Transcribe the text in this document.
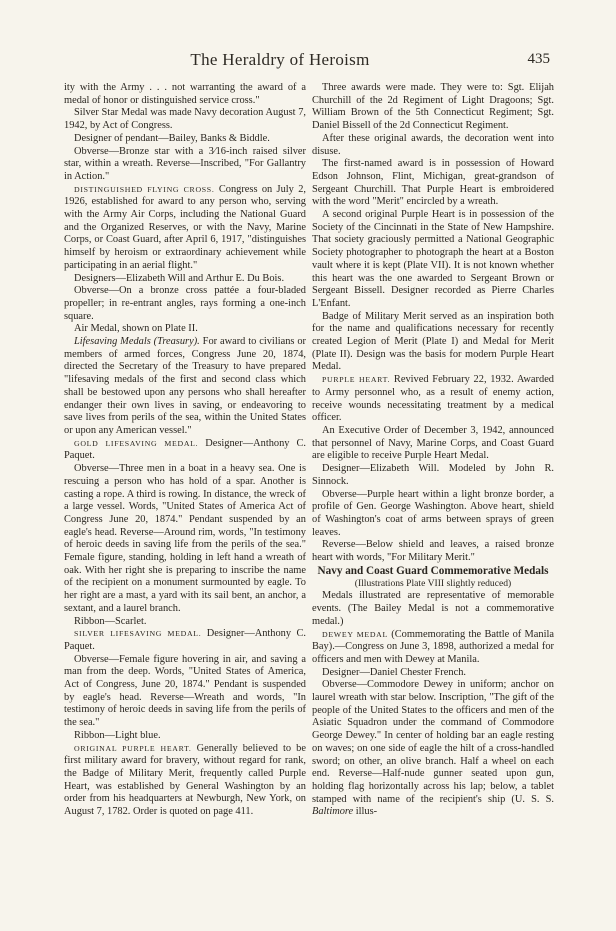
The Heraldry of Heroism	435

ity with the Army . . . not warranting the award of a medal of honor or distinguished service cross."

Silver Star Medal was made Navy decoration August 7, 1942, by Act of Congress.

Designer of pendant—Bailey, Banks & Biddle.

Obverse—Bronze star with a 3⁄16-inch raised silver star, within a wreath. Reverse—Inscribed, "For Gallantry in Action."

DISTINGUISHED FLYING CROSS. Congress on July 2, 1926, established for award to any person who, serving with the Army Air Corps, including the National Guard and the Organized Reserves, or with the Navy, Marine Corps, or Coast Guard, after April 6, 1917, "distinguishes himself by heroism or extraordinary achievement while participating in an aerial flight."

Designers—Elizabeth Will and Arthur E. Du Bois.

Obverse—On a bronze cross pattée a four-bladed propeller; in re-entrant angles, rays forming a one-inch square.

Air Medal, shown on Plate II.

Lifesaving Medals (Treasury). For award to civilians or members of armed forces, Congress June 20, 1874, directed the Secretary of the Treasury to have prepared "lifesaving medals of the first and second class which shall be bestowed upon any persons who shall hereafter endanger their own lives in saving, or endeavoring to save lives from perils of the sea, within the United States or upon any American vessel."

GOLD LIFESAVING MEDAL. Designer—Anthony C. Paquet.

Obverse—Three men in a boat in a heavy sea. One is rescuing a person who has hold of a spar. Another is casting a rope. A third is rowing. In distance, the wreck of a large vessel. Words, "United States of America Act of Congress June 20, 1874." Pendant suspended by an eagle's head. Reverse—Around rim, words, "In testimony of heroic deeds in saving life from the perils of the sea." Female figure, standing, holding in left hand a wreath of oak. With her right she is preparing to inscribe the name of the recipient on a monument surmounted by eagle. To her right are a mast, a yard with its sail bent, an anchor, a sextant, and a laurel branch.

Ribbon—Scarlet.

SILVER LIFESAVING MEDAL. Designer—Anthony C. Paquet.

Obverse—Female figure hovering in air, and saving a man from the deep. Words, "United States of America, Act of Congress, June 20, 1874." Pendant is suspended by eagle's head. Reverse—Wreath and words, "In testimony of heroic deeds in saving life from the perils of the sea."

Ribbon—Light blue.

ORIGINAL PURPLE HEART. Generally believed to be first military award for bravery, without regard for rank, the Badge of Military Merit, frequently called Purple Heart, was established by General Washington by an order from his headquarters at Newburgh, New York, on August 7, 1782. Order is quoted on page 411.

Three awards were made. They were to: Sgt. Elijah Churchill of the 2d Regiment of Light Dragoons; Sgt. William Brown of the 5th Connecticut Regiment; Sgt. Daniel Bissell of the 2d Connecticut Regiment.

After these original awards, the decoration went into disuse.

The first-named award is in possession of Howard Edson Johnson, Flint, Michigan, great-grandson of Sergeant Churchill. That Purple Heart is embroidered with the word "Merit" encircled by a wreath.

A second original Purple Heart is in possession of the Society of the Cincinnati in the State of New Hampshire. That society graciously permitted a National Geographic Society photographer to photograph the heart at a Boston vault where it is kept (Plate VII). It is not known whether this heart was the one awarded to Sergeant Brown or Sergeant Bissell. Designer recorded as Pierre Charles L'Enfant.

Badge of Military Merit served as an inspiration both for the name and qualifications necessary for recently created Legion of Merit (Plate I) and Medal for Merit (Plate II). Design was the basis for modern Purple Heart Medal.

PURPLE HEART. Revived February 22, 1932. Awarded to Army personnel who, as a result of enemy action, receive wounds necessitating treatment by a medical officer.

An Executive Order of December 3, 1942, announced that personnel of Navy, Marine Corps, and Coast Guard are eligible to receive Purple Heart Medal.

Designer—Elizabeth Will. Modeled by John R. Sinnock.

Obverse—Purple heart within a light bronze border, a profile of Gen. George Washington. Above heart, shield of Washington's coat of arms between sprays of green leaves.

Reverse—Below shield and leaves, a raised bronze heart with words, "For Military Merit."

Navy and Coast Guard Commemorative Medals

(Illustrations Plate VIII slightly reduced)

Medals illustrated are representative of memorable events. (The Bailey Medal is not a commemorative medal.)

DEWEY MEDAL (Commemorating the Battle of Manila Bay).—Congress on June 3, 1898, authorized a medal for officers and men with Dewey at Manila.

Designer—Daniel Chester French.

Obverse—Commodore Dewey in uniform; anchor on laurel wreath with star below. Inscription, "The gift of the people of the United States to the officers and men of the Asiatic Squadron under the command of Commodore George Dewey." In center of holding bar an eagle resting on waves; on one side of eagle the hilt of a cross-handled sword; on other, an olive branch. Half a wheel on each end. Reverse—Half-nude gunner seated upon gun, holding flag horizontally across his lap; below, a tablet stamped with name of the recipient's ship (U. S. S. Baltimore illus-
